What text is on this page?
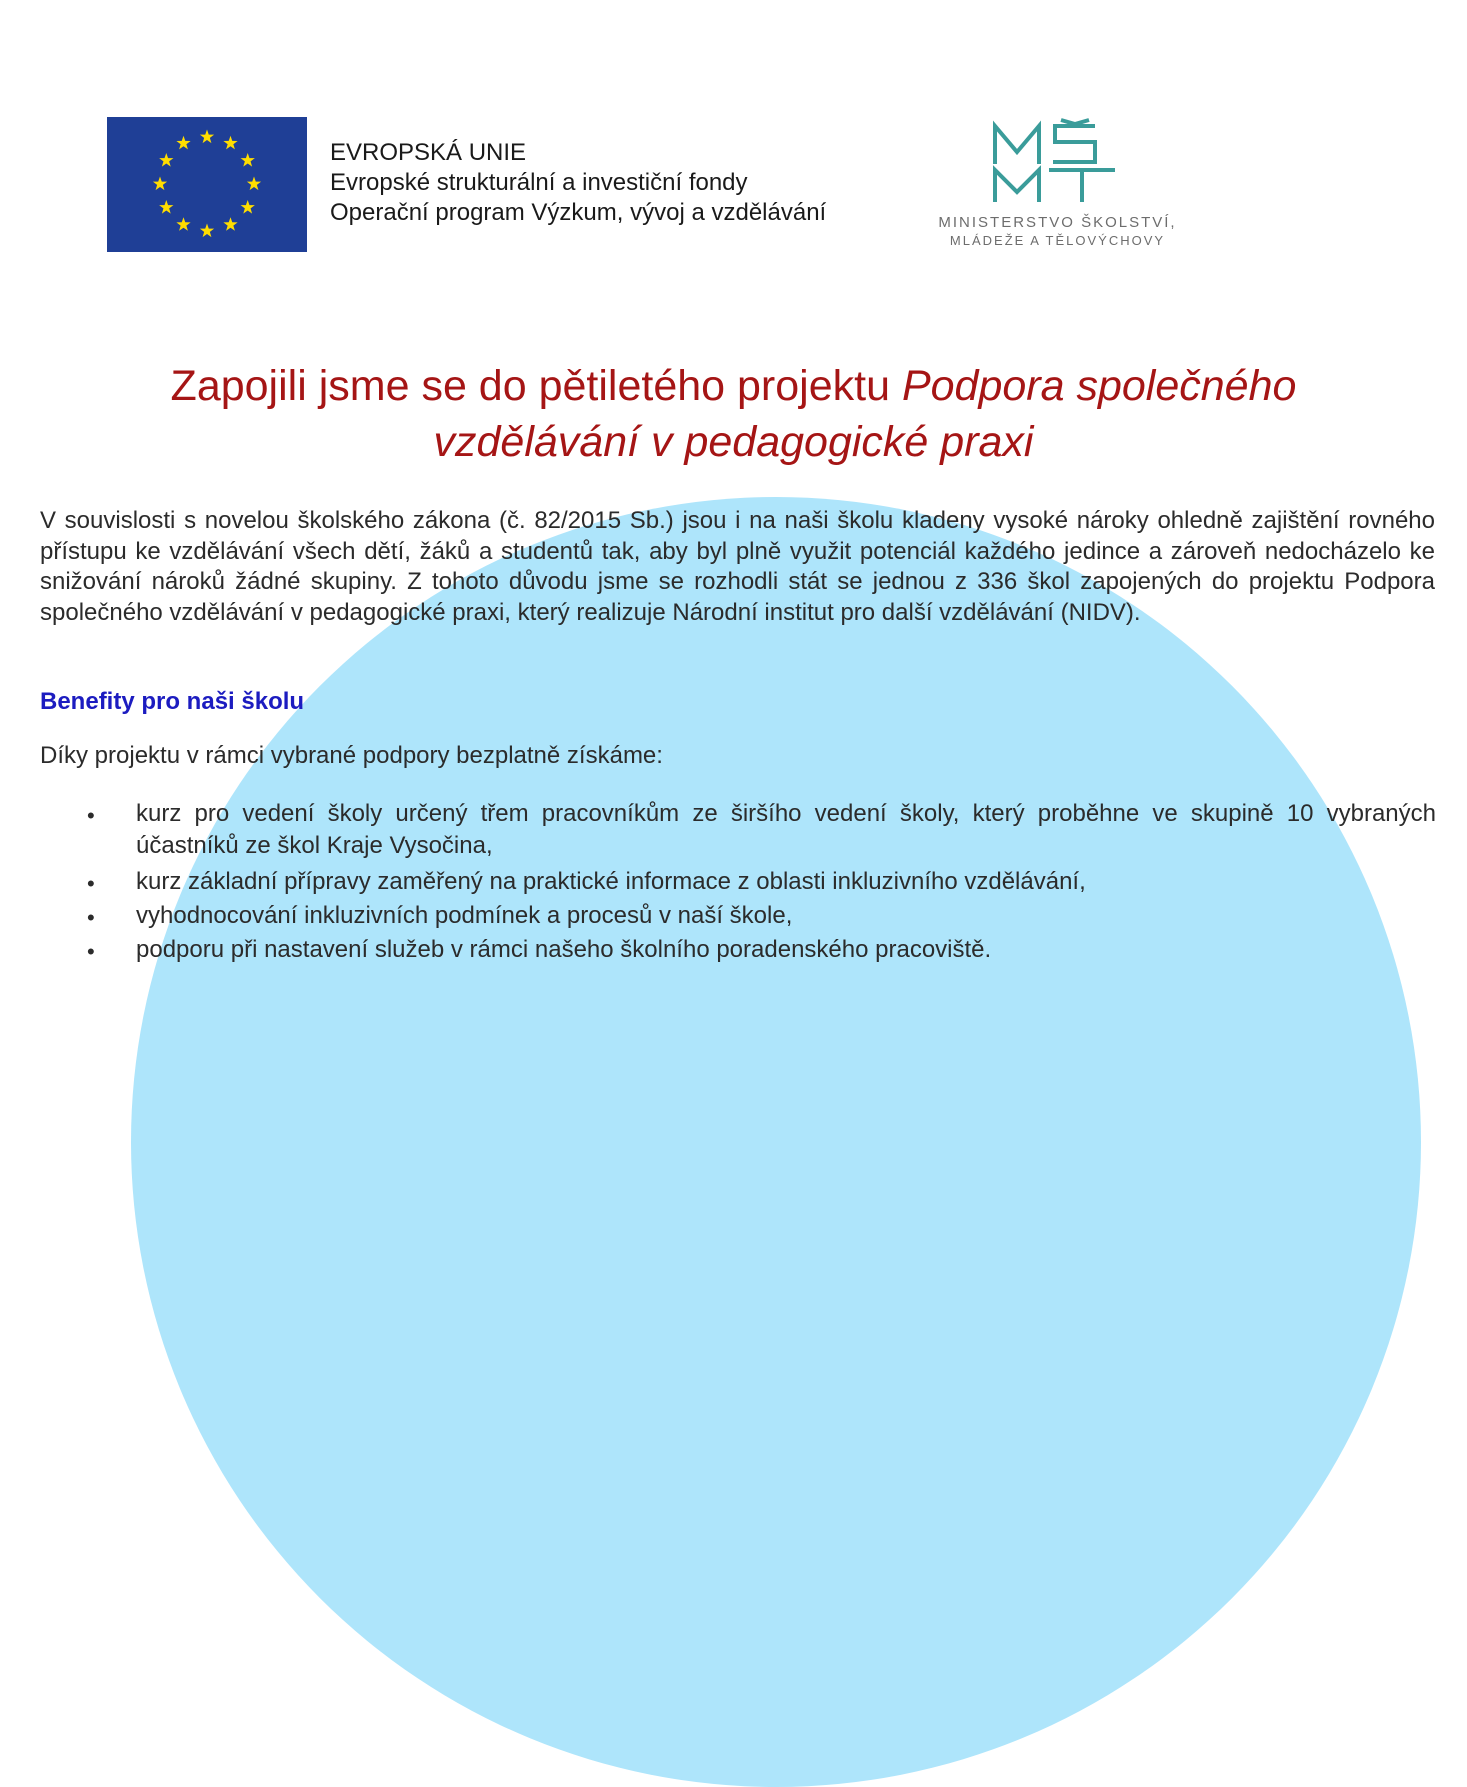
EVROPSKÁ UNIE
Evropské strukturální a investiční fondy
Operační program Výzkum, vývoj a vzdělávání	MINISTERSTVO ŠKOLSTVÍ,
MLÁDEŽE A TĚLOVÝCHOVY
Zapojili jsme se do pětiletého projektu Podpora společného
vzdělávání v pedagogické praxi
V souvislosti s novelou školského zákona (č. 82/2015 Sb.) jsou i na naši školu kladeny vysoké nároky ohledně zajištění rovného přístupu ke vzdělávání všech dětí, žáků a studentů tak, aby byl plně využit potenciál každého jedince a zároveň nedocházelo ke snižování nároků žádné skupiny. Z tohoto důvodu jsme se rozhodli stát se jednou z 336 škol zapojených do projektu Podpora společného vzdělávání v pedagogické praxi, který realizuje Národní institut pro další vzdělávání (NIDV).
Benefity pro naši školu
Díky projektu v rámci vybrané podpory bezplatně získáme:
• kurz pro vedení školy určený třem pracovníkům ze širšího vedení školy, který proběhne ve skupině 10 vybraných účastníků ze škol Kraje Vysočina,
• kurz základní přípravy zaměřený na praktické informace z oblasti inkluzivního vzdělávání,
• vyhodnocování inkluzivních podmínek a procesů v naší škole,
• podporu při nastavení služeb v rámci našeho školního poradenského pracoviště.
